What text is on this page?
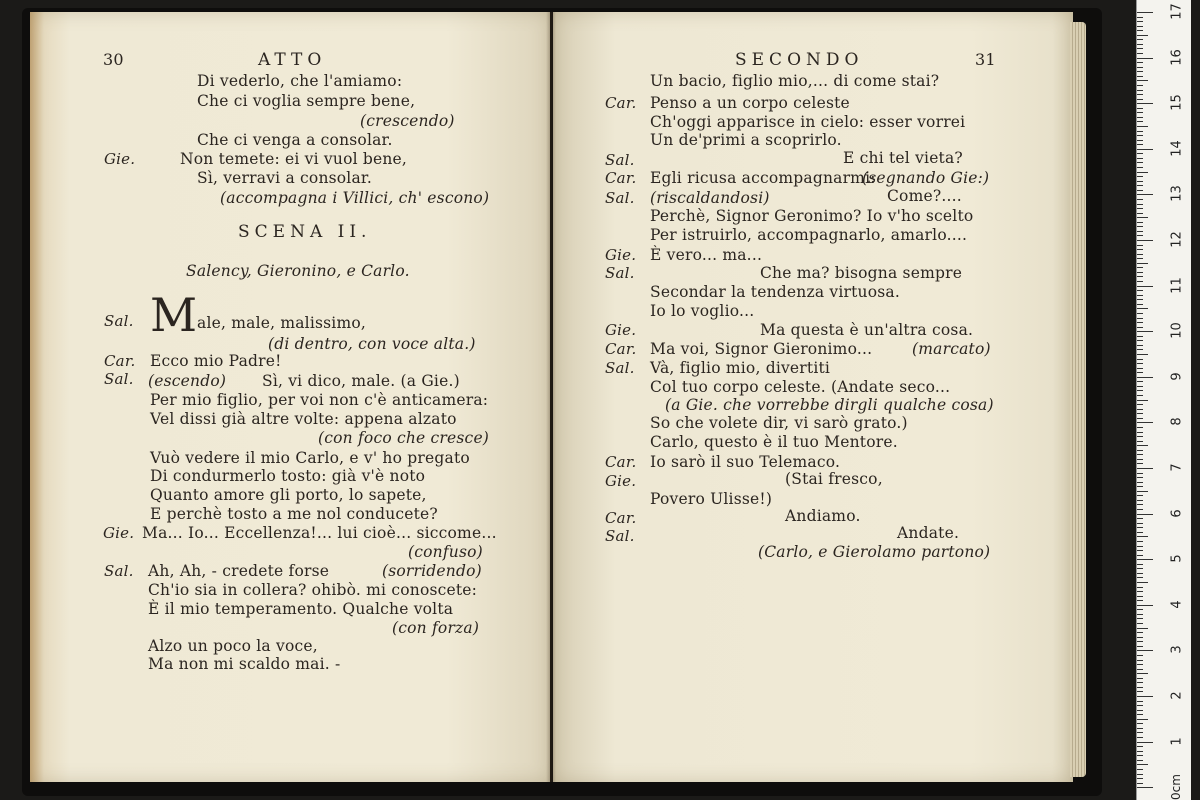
30	ATTO
Di vederlo, che l'amiamo:
Che ci voglia sempre bene,
(crescendo)
Che ci venga a consolar.
Gie.	Non temete: ei vi vuol bene,
Sì, verravi a consolar.
(accompagna i Villici, ch' escono)
SCENA II.
Salency, Gieronino, e Carlo.
Sal. M ale, male, malissimo,
(di dentro, con voce alta.)
Car. Ecco mio Padre!
Sal. (escendo) Sì, vi dico, male. (a Gie.)
Per mio figlio, per voi non c'è anticamera:
Vel dissi già altre volte: appena alzato
(con foco che cresce)
Vuò vedere il mio Carlo, e v' ho pregato
Di condurmerlo tosto: già v'è noto
Quanto amore gli porto, lo sapete,
E perchè tosto a me nol conducete?
Gie. Ma... Io... Eccellenza!... lui cioè... siccome...
(confuso)
Sal. Ah, Ah, - credete forse	(sorridendo)
Ch'io sia in collera? ohibò. mi conoscete:
È il mio temperamento. Qualche volta
(con forza)
Alzo un poco la voce,
Ma non mi scaldo mai. -
SECONDO	31
Un bacio, figlio mio,... di come stai?
Car. Penso a un corpo celeste
Ch'oggi apparisce in cielo: esser vorrei
Un de'primi a scoprirlo.
Sal.	E chi tel vieta?
Car. Egli ricusa accompagnarmi:
(segnando Gie:)
Sal. (riscaldandosi)	Come?....
Perchè, Signor Geronimo? Io v'ho scelto
Per istruirlo, accompagnarlo, amarlo....
Gie. È vero... ma...
Sal.	Che ma? bisogna sempre
Secondar la tendenza virtuosa.
Io lo voglio...
Gie.	Ma questa è un'altra cosa.
Car. Ma voi, Signor Gieronimo...	(marcato)
Sal. Và, figlio mio, divertiti
Col tuo corpo celeste. (Andate seco...
(a Gie. che vorrebbe dirgli qualche cosa)
So che volete dir, vi sarò grato.)
Carlo, questo è il tuo Mentore.
Car. Io sarò il suo Telemaco.
Gie.	(Stai fresco,
Povero Ulisse!)
Car.	Andiamo.
Sal.	Andate.
(Carlo, e Gierolamo partono)
0cm
17
16
15
14
13
12
11
10
9
8
7
6
5
4
3
2
1
